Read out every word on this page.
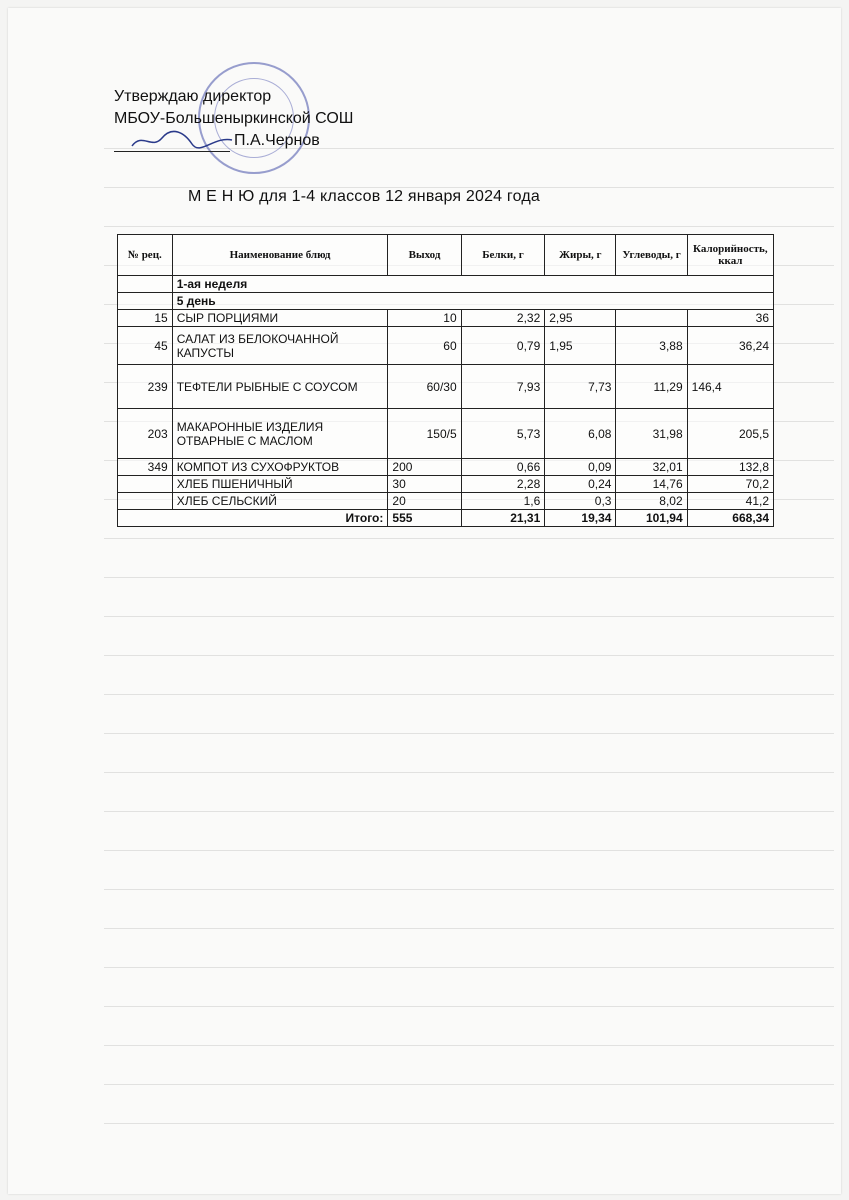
Утверждаю директор
МБОУ-Большеныркинской СОШ
П.А.Чернов
М Е Н Ю для 1-4 классов 12 января 2024 года
№ рец.	Наименование блюд	Выход	Белки, г	Жиры, г	Углеводы, г	Калорийность, ккал
	1-ая неделя					
	5 день					
15	СЫР ПОРЦИЯМИ	10	2,32	2,95		36
45	САЛАТ ИЗ БЕЛОКОЧАННОЙ КАПУСТЫ	60	0,79	1,95	3,88	36,24
239	ТЕФТЕЛИ РЫБНЫЕ С СОУСОМ	60/30	7,93	7,73	11,29	146,4
203	МАКАРОННЫЕ ИЗДЕЛИЯ ОТВАРНЫЕ С МАСЛОМ	150/5	5,73	6,08	31,98	205,5
349	КОМПОТ ИЗ СУХОФРУКТОВ	200	0,66	0,09	32,01	132,8
	ХЛЕБ ПШЕНИЧНЫЙ	30	2,28	0,24	14,76	70,2
	ХЛЕБ СЕЛЬСКИЙ	20	1,6	0,3	8,02	41,2
Итого:		555	21,31	19,34	101,94	668,34
